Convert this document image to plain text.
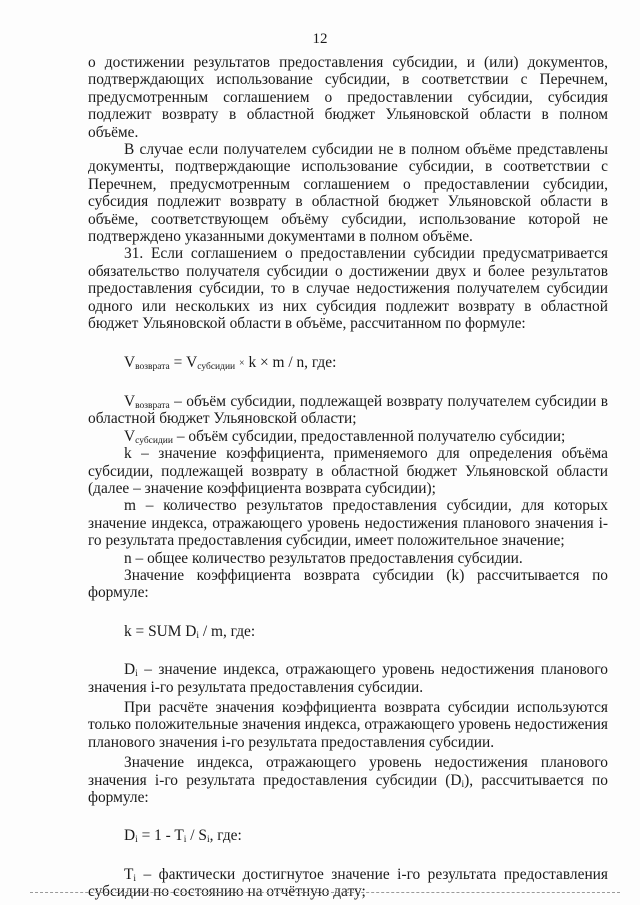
12

о достижении результатов предоставления субсидии, и (или) документов, подтверждающих использование субсидии, в соответствии с Перечнем, предусмотренным соглашением о предоставлении субсидии, субсидия подлежит возврату в областной бюджет Ульяновской области в полном объёме.

В случае если получателем субсидии не в полном объёме представлены документы, подтверждающие использование субсидии, в соответствии с Перечнем, предусмотренным соглашением о предоставлении субсидии, субсидия подлежит возврату в областной бюджет Ульяновской области в объёме, соответствующем объёму субсидии, использование которой не подтверждено указанными документами в полном объёме.

31. Если соглашением о предоставлении субсидии предусматривается обязательство получателя субсидии о достижении двух и более результатов предоставления субсидии, то в случае недостижения получателем субсидии одного или нескольких из них субсидия подлежит возврату в областной бюджет Ульяновской области в объёме, рассчитанном по формуле:

$V_{возврата} = V_{субсидии} \times k \times m / n$, где:

$V_{возврата}$ – объём субсидии, подлежащей возврату получателем субсидии в областной бюджет Ульяновской области;

$V_{субсидии}$ – объём субсидии, предоставленной получателю субсидии;

k – значение коэффициента, применяемого для определения объёма субсидии, подлежащей возврату в областной бюджет Ульяновской области (далее – значение коэффициента возврата субсидии);

m – количество результатов предоставления субсидии, для которых значение индекса, отражающего уровень недостижения планового значения i-го результата предоставления субсидии, имеет положительное значение;

n – общее количество результатов предоставления субсидии.

Значение коэффициента возврата субсидии (k) рассчитывается по формуле:

k = SUM $D_i$ / m, где:

$D_i$ – значение индекса, отражающего уровень недостижения планового значения i-го результата предоставления субсидии.

При расчёте значения коэффициента возврата субсидии используются только положительные значения индекса, отражающего уровень недостижения планового значения i-го результата предоставления субсидии.

Значение индекса, отражающего уровень недостижения планового значения i-го результата предоставления субсидии $(D_i)$, рассчитывается по формуле:

$D_i = 1 - T_i / S_i$, где:

$T_i$ – фактически достигнутое значение i-го результата предоставления субсидии по состоянию на отчётную дату;
